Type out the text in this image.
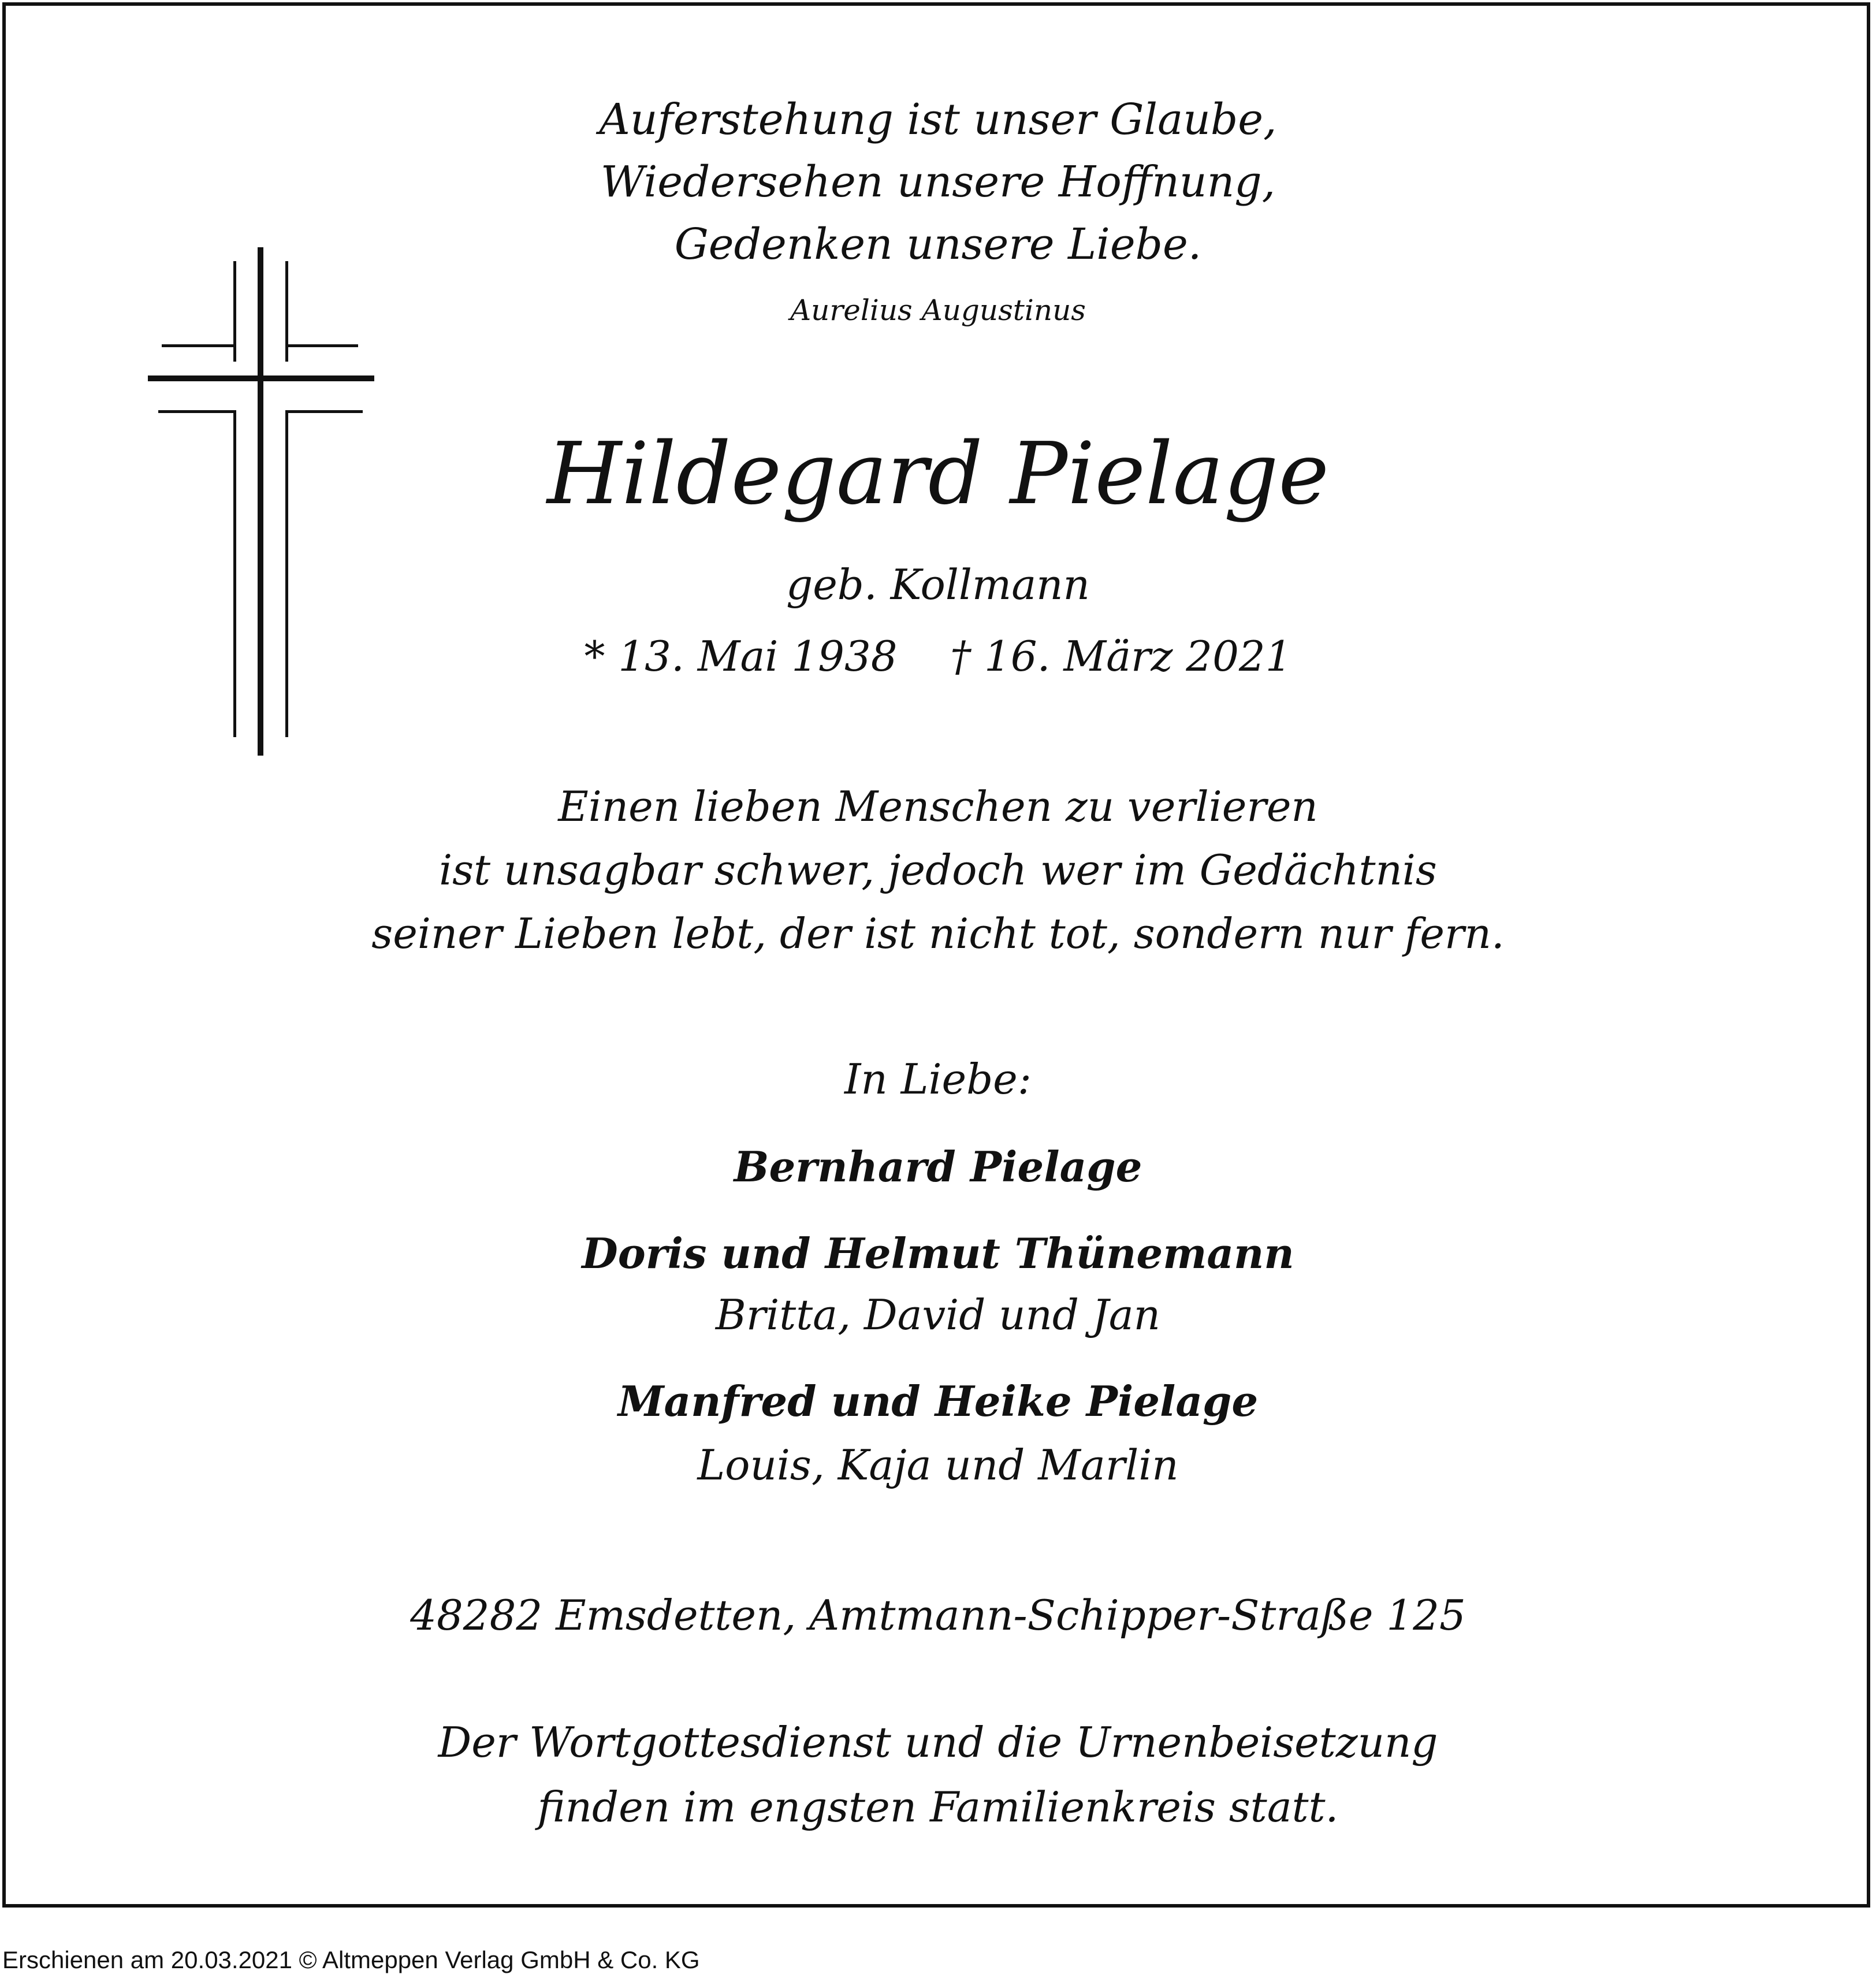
Auferstehung ist unser Glaube,
Wiedersehen unsere Hoffnung,
Gedenken unsere Liebe.
Aurelius Augustinus
Hildegard Pielage
geb. Kollmann
* 13. Mai 1938    † 16. März 2021
Einen lieben Menschen zu verlieren
ist unsagbar schwer, jedoch wer im Gedächtnis
seiner Lieben lebt, der ist nicht tot, sondern nur fern.
In Liebe:
Bernhard Pielage
Doris und Helmut Thünemann
Britta, David und Jan
Manfred und Heike Pielage
Louis, Kaja und Marlin
48282 Emsdetten, Amtmann-Schipper-Straße 125
Der Wortgottesdienst und die Urnenbeisetzung
finden im engsten Familienkreis statt.
Erschienen am 20.03.2021 © Altmeppen Verlag GmbH & Co. KG
